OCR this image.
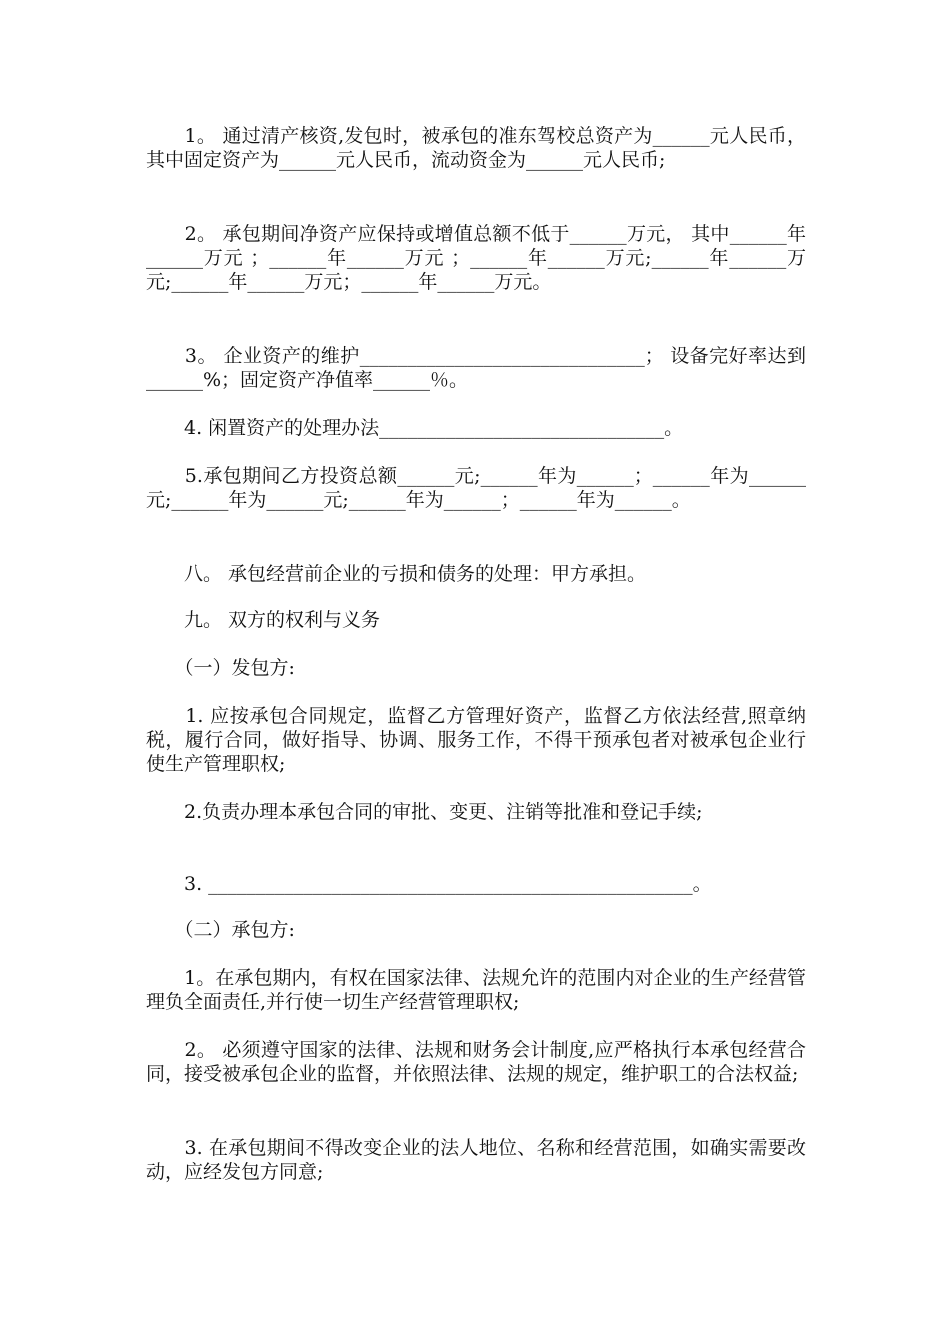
　　1。 通过清产核资,发包时，被承包的准东驾校总资产为______元人民币，其中固定资产为______元人民币，流动资金为______元人民币;
　　2。 承包期间净资产应保持或增值总额不低于______万元， 其中______年______万元 ；______年______万元 ；______年______万元;______年______万元;______年______万元；______年______万元。
　　3。 企业资产的维护______________________________； 设备完好率达到______%；固定资产净值率______％。
　　4. 闲置资产的处理办法______________________________。
　　5.承包期间乙方投资总额______元;______年为______；______年为______元;______年为______元;______年为______；______年为______。
　　八。 承包经营前企业的亏损和债务的处理：甲方承担。
　　九。 双方的权利与义务
　　（一）发包方:
　　1. 应按承包合同规定，监督乙方管理好资产，监督乙方依法经营,照章纳税，履行合同，做好指导、协调、服务工作，不得干预承包者对被承包企业行使生产管理职权;
　　2.负责办理本承包合同的审批、变更、注销等批准和登记手续;
　　3. ___________________________________________________。
　　（二）承包方:
　　1。在承包期内，有权在国家法律、法规允许的范围内对企业的生产经营管理负全面责任,并行使一切生产经营管理职权;
　　2。 必须遵守国家的法律、法规和财务会计制度,应严格执行本承包经营合同，接受被承包企业的监督，并依照法律、法规的规定，维护职工的合法权益;
　　3. 在承包期间不得改变企业的法人地位、名称和经营范围，如确实需要改动，应经发包方同意;
